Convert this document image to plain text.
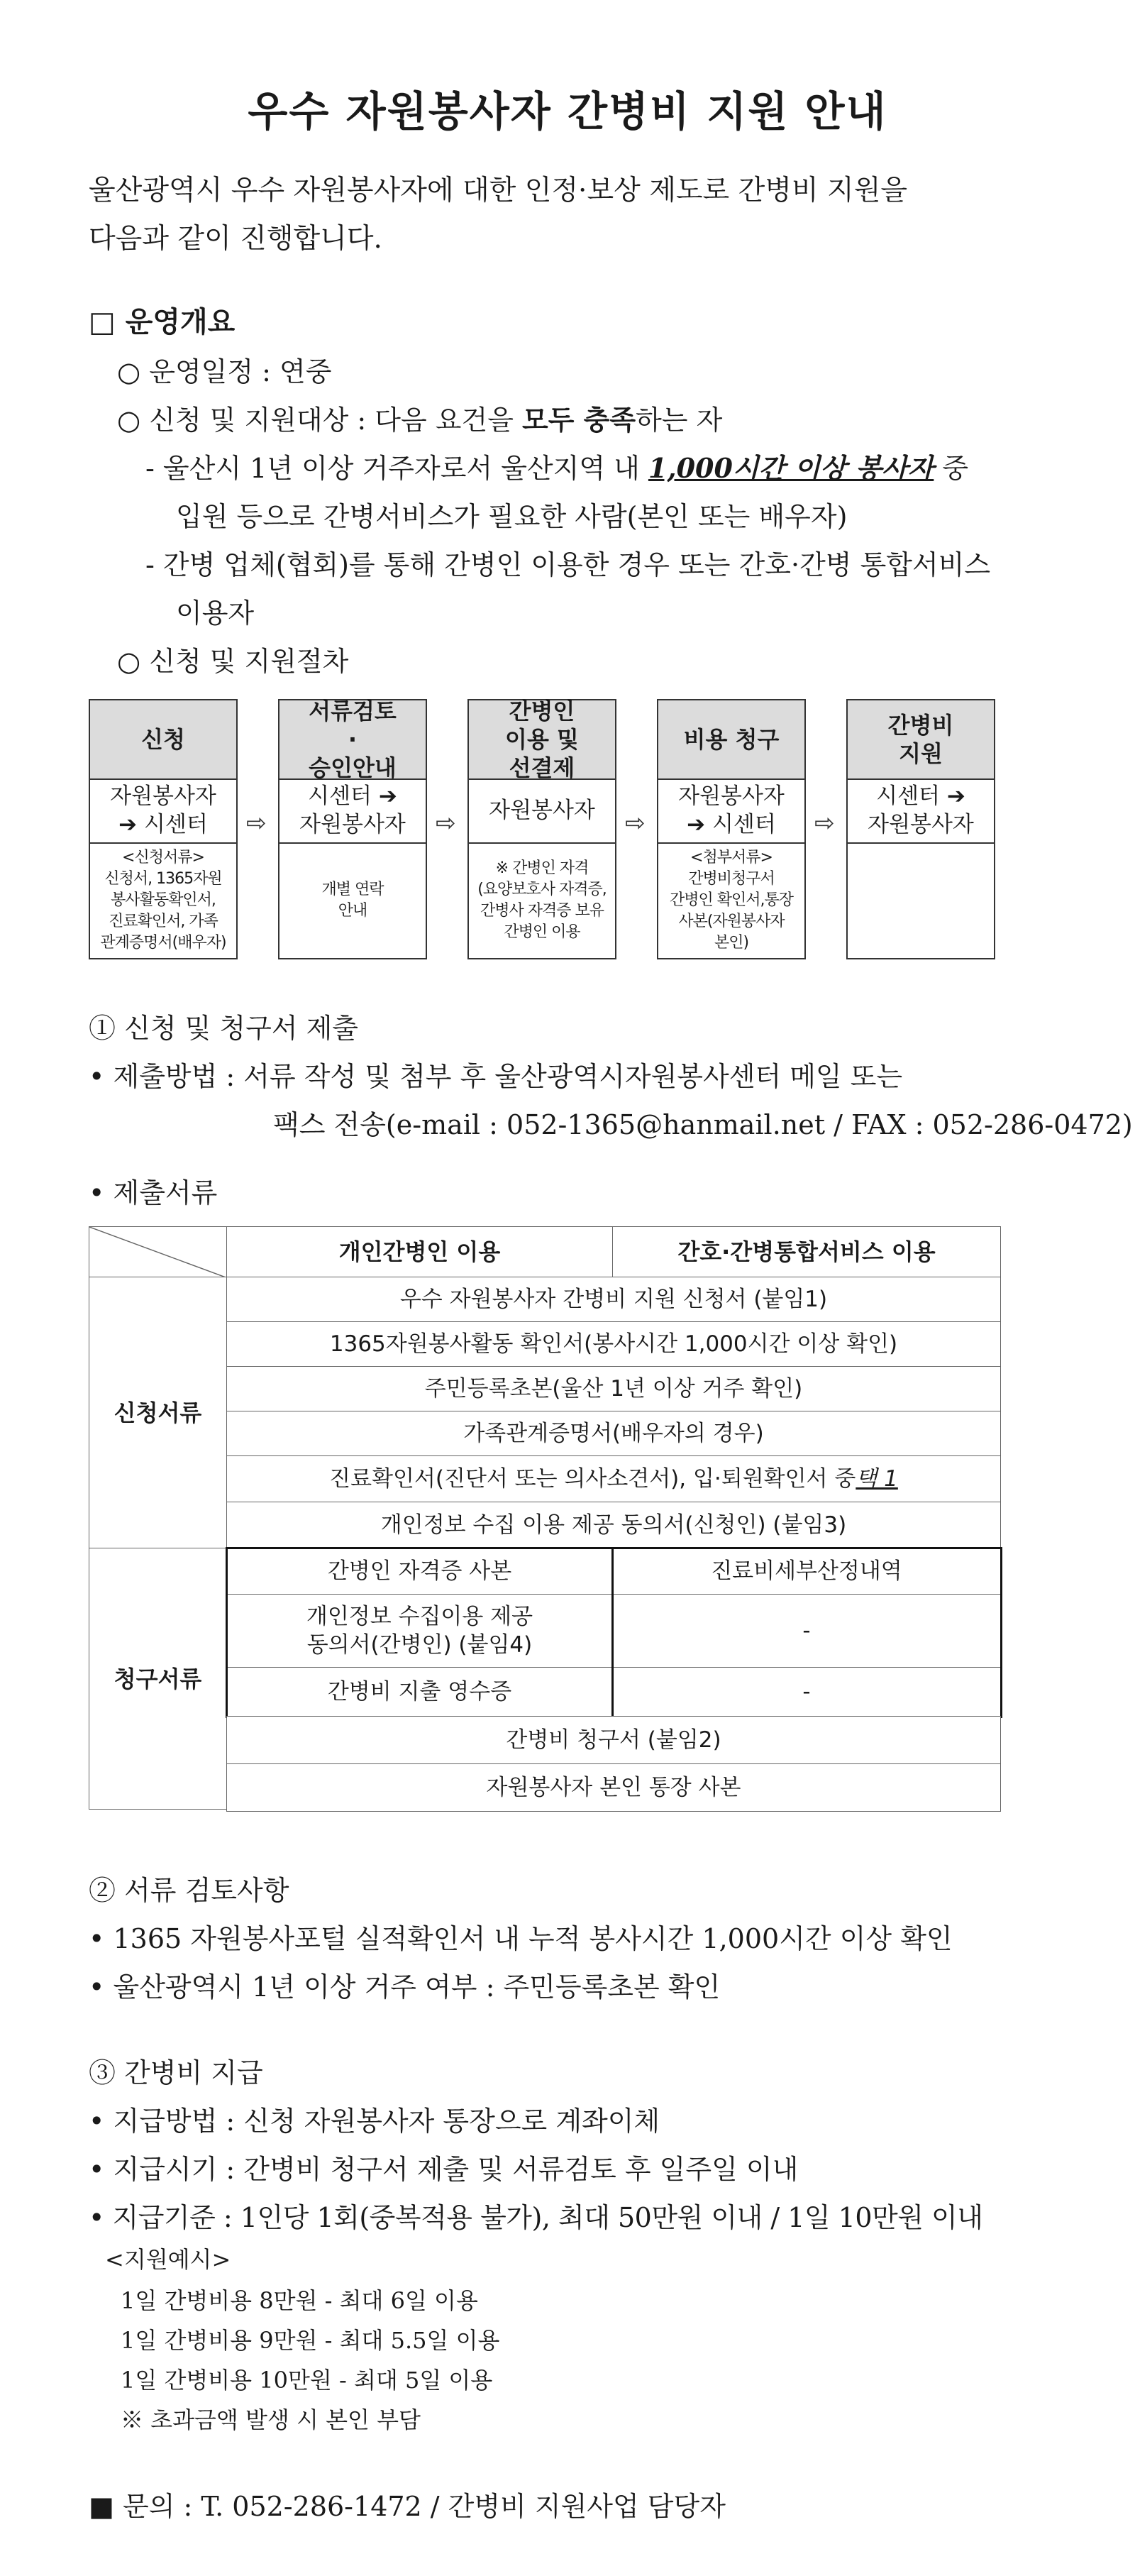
우수 자원봉사자 간병비 지원 안내
울산광역시 우수 자원봉사자에 대한 인정·보상 제도로 간병비 지원을
다음과 같이 진행합니다.
□ 운영개요
○ 운영일정 : 연중
○ 신청 및 지원대상 : 다음 요건을 모두 충족하는 자
- 울산시 1년 이상 거주자로서 울산지역 내 1,000시간 이상 봉사자 중
입원 등으로 간병서비스가 필요한 사람(본인 또는 배우자)
- 간병 업체(협회)를 통해 간병인 이용한 경우 또는 간호·간병 통합서비스
이용자
○ 신청 및 지원절차
신청
자원봉사자
➔ 시센터
<신청서류>
신청서, 1365자원
봉사활동확인서,
진료확인서, 가족
관계증명서(배우자)
⇨
서류검토
·
승인안내
시센터 ➔
자원봉사자
개별 연락
안내
⇨
간병인
이용 및
선결제
자원봉사자
※ 간병인 자격
(요양보호사 자격증,
간병사 자격증 보유
간병인 이용
⇨
비용 청구
자원봉사자
➔ 시센터
<첨부서류>
간병비청구서
간병인 확인서,통장
사본(자원봉사자
본인)
⇨
간병비
지원
시센터 ➔
자원봉사자
① 신청 및 청구서 제출
• 제출방법 : 서류 작성 및 첨부 후 울산광역시자원봉사센터 메일 또는
팩스 전송(e-mail : 052-1365@hanmail.net / FAX : 052-286-0472)
• 제출서류
개인간병인 이용	간호·간병통합서비스 이용
신청서류
우수 자원봉사자 간병비 지원 신청서 (붙임1)
1365자원봉사활동 확인서(봉사시간 1,000시간 이상 확인)
주민등록초본(울산 1년 이상 거주 확인)
가족관계증명서(배우자의 경우)
진료확인서(진단서 또는 의사소견서), 입·퇴원확인서 중 택 1
개인정보 수집 이용 제공 동의서(신청인) (붙임3)
청구서류
간병인 자격증 사본	진료비세부산정내역
개인정보 수집이용 제공
동의서(간병인) (붙임4)
-
간병비 지출 영수증	-
간병비 청구서 (붙임2)
자원봉사자 본인 통장 사본
② 서류 검토사항
• 1365 자원봉사포털 실적확인서 내 누적 봉사시간 1,000시간 이상 확인
• 울산광역시 1년 이상 거주 여부 : 주민등록초본 확인
③ 간병비 지급
• 지급방법 : 신청 자원봉사자 통장으로 계좌이체
• 지급시기 : 간병비 청구서 제출 및 서류검토 후 일주일 이내
• 지급기준 : 1인당 1회(중복적용 불가), 최대 50만원 이내 / 1일 10만원 이내
<지원예시>
1일 간병비용 8만원 - 최대 6일 이용
1일 간병비용 9만원 - 최대 5.5일 이용
1일 간병비용 10만원 - 최대 5일 이용
※ 초과금액 발생 시 본인 부담
■ 문의 : T. 052-286-1472 / 간병비 지원사업 담당자
